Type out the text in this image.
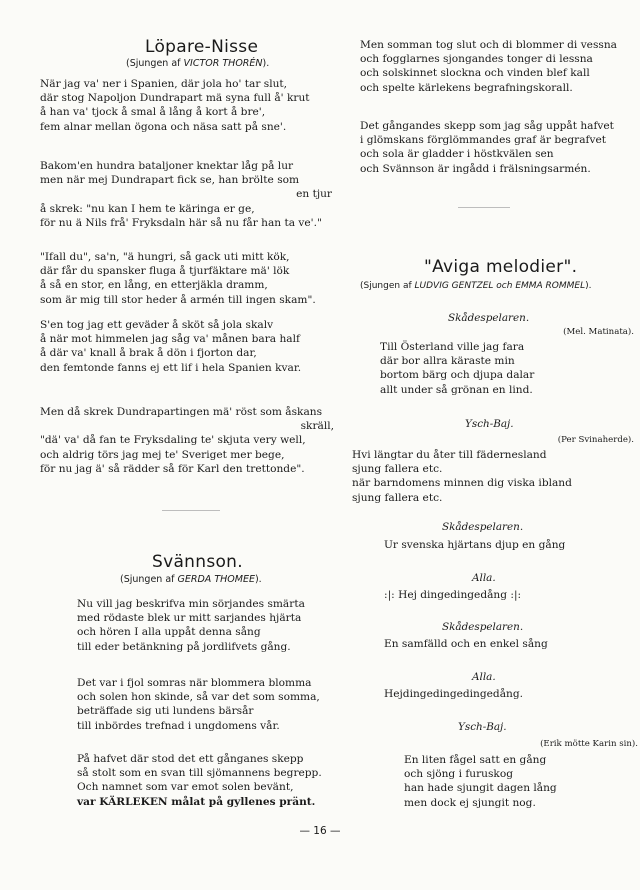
Löpare-Nisse
(Sjungen af VICTOR THORÉN).
När jag va' ner i Spanien, där jola ho' tar slut,
där stog Napoljon Dundrapart mä syna full å' krut
å han va' tjock å smal å lång å kort å bre',
fem alnar mellan ögona och näsa satt på sne'.
Bakom'en hundra bataljoner knektar låg på lur
men när mej Dundrapart fick se, han brölte som
en tjur
å skrek: "nu kan I hem te käringa er ge,
för nu ä Nils frå' Fryksdaln här så nu får han ta ve'."
"Ifall du", sa'n, "ä hungri, så gack uti mitt kök,
där får du spansker fluga å tjurfäktare mä' lök
å så en stor, en lång, en etterjäkla dramm,
som är mig till stor heder å armén till ingen skam".
S'en tog jag ett geväder å sköt så jola skalv
å när mot himmelen jag såg va' månen bara half
å där va' knall å brak å dön i fjorton dar,
den femtonde fanns ej ett lif i hela Spanien kvar.
Men då skrek Dundrapartingen mä' röst som åskans
skräll,
"dä' va' då fan te Fryksdaling te' skjuta very well,
och aldrig törs jag mej te' Sveriget mer bege,
för nu jag ä' så rädder så för Karl den trettonde".
Svännson.
(Sjungen af GERDA THOMEE).
Nu vill jag beskrifva min sörjandes smärta
med rödaste blek ur mitt sarjandes hjärta
och hören I alla uppåt denna sång
till eder betänkning på jordlifvets gång.
Det var i fjol somras när blommera blomma
och solen hon skinde, så var det som somma,
beträffade sig uti lundens bärsår
till inbördes trefnad i ungdomens vår.
På hafvet där stod det ett gånganes skepp
så stolt som en svan till sjömannens begrepp.
Och namnet som var emot solen bevänt,
var KÄRLEKEN målat på gyllenes pränt.
Men somman tog slut och di blommer di vessna
och fogglarnes sjongandes tonger di lessna
och solskinnet slockna och vinden blef kall
och spelte kärlekens begrafningskorall.
Det gångandes skepp som jag såg uppåt hafvet
i glömskans förglömmandes graf är begrafvet
och sola är gladder i höstkvälen sen
och Svännson är ingådd i frälsningsarmén.
"Aviga melodier".
(Sjungen af LUDVIG GENTZEL och EMMA ROMMEL).
Skådespelaren.
(Mel. Matinata).
Till Österland ville jag fara
där bor allra käraste min
bortom bärg och djupa dalar
allt under så grönan en lind.
Ysch-Baj.
(Per Svinaherde).
Hvi längtar du åter till fädernesland
sjung fallera etc.
när barndomens minnen dig viska ibland
sjung fallera etc.
Skådespelaren.
Ur svenska hjärtans djup en gång
Alla.
:|: Hej dingedingedång :|:
Skådespelaren.
En samfälld och en enkel sång
Alla.
Hejdingedingedingedång.
Ysch-Baj.
(Erik mötte Karin sin).
En liten fågel satt en gång
och sjöng i furuskog
han hade sjungit dagen lång
men dock ej sjungit nog.
— 16 —
